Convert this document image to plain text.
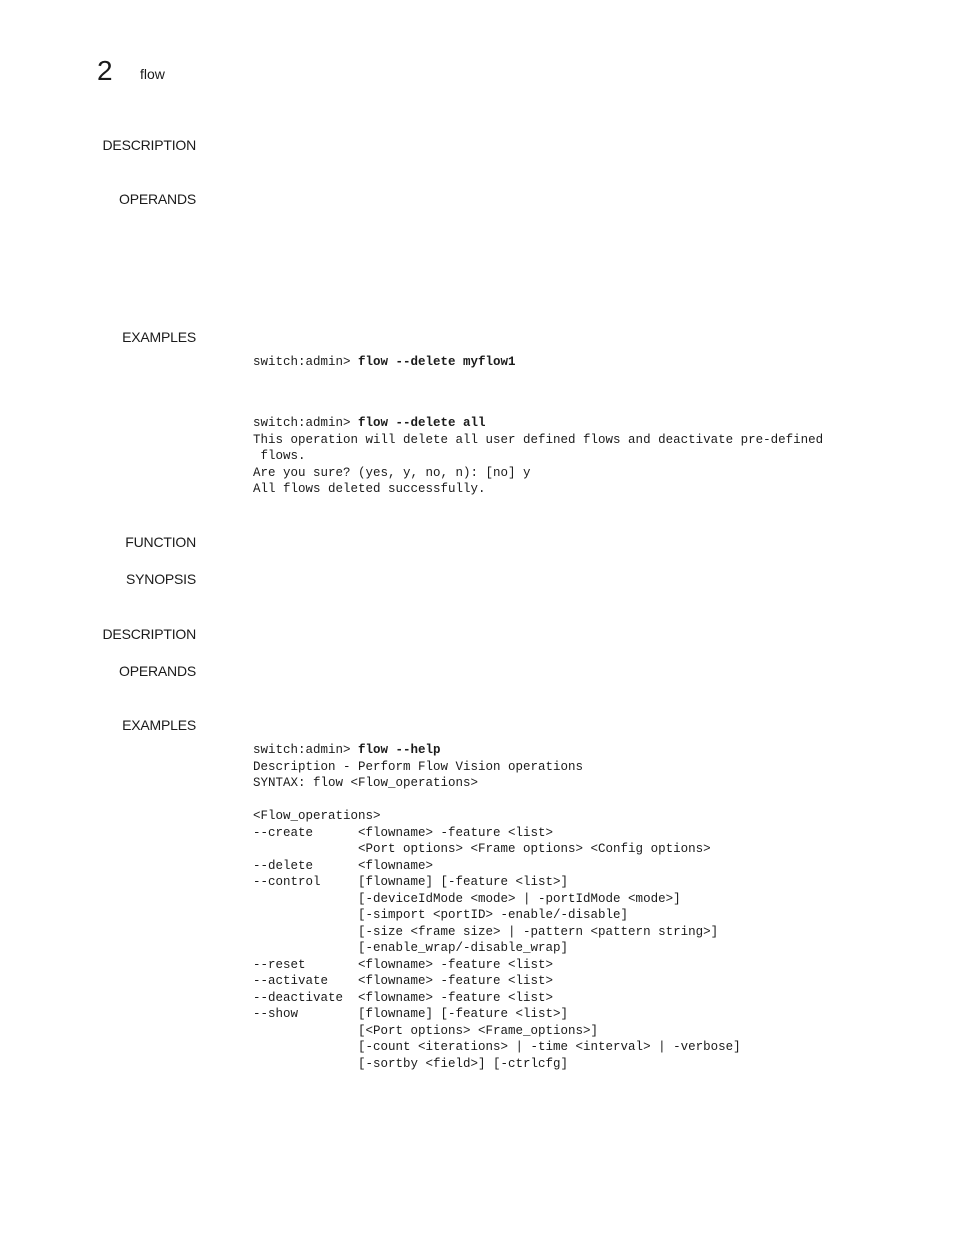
2 flow
DESCRIPTION
OPERANDS
EXAMPLES
switch:admin> flow --delete myflow1
switch:admin> flow --delete all
This operation will delete all user defined flows and deactivate pre-defined
flows.
Are you sure? (yes, y, no, n): [no] y
All flows deleted successfully.
FUNCTION
SYNOPSIS
DESCRIPTION
OPERANDS
EXAMPLES
switch:admin> flow --help
Description - Perform Flow Vision operations
SYNTAX: flow <Flow_operations>
<Flow_operations>
--create      <flowname> -feature <list>
<Port options> <Frame options> <Config options>
--delete      <flowname>
--control     [flowname] [-feature <list>]
[-deviceIdMode <mode> | -portIdMode <mode>]
[-simport <portID> -enable/-disable]
[-size <frame size> | -pattern <pattern string>]
[-enable_wrap/-disable_wrap]
--reset       <flowname> -feature <list>
--activate    <flowname> -feature <list>
--deactivate  <flowname> -feature <list>
--show        [flowname] [-feature <list>]
[<Port options> <Frame_options>]
[-count <iterations> | -time <interval> | -verbose]
[-sortby <field>] [-ctrlcfg]
